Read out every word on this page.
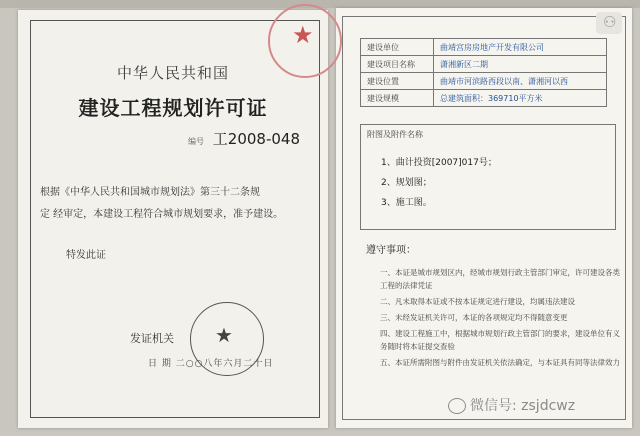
中华人民共和国
建设工程规划许可证
编号 工2008-048
根据《中华人民共和国城市规划法》第三十二条规
定 经审定，本建设工程符合城市规划要求，准予建设。
特发此证
发证机关
日 期 二○○八年六月二十日
★
★	建设单位	曲靖宫房房地产开发有限公司
建设项目名称	潇湘新区二期
建设位置	曲靖市河滨路西段以南、潇湘河以西
建设规模	总建筑面积：369710平方米
附图及附件名称
1、曲计投资[2007]017号；
2、规划图；
3、施工图。
遵守事项：
一、本证是城市规划区内，经城市规划行政主管部门审定，许可建设各类工程的法律凭证
二、凡未取得本证或不按本证规定进行建设，均属违法建设
三、未经发证机关许可，本证的各项规定均不得随意变更
四、建设工程施工中，根据城市规划行政主管部门的要求，建设单位有义务随时将本证提交查验
五、本证所需附图与附件由发证机关依法确定，与本证具有同等法律效力
微信号: zsjdcwz
⚇
